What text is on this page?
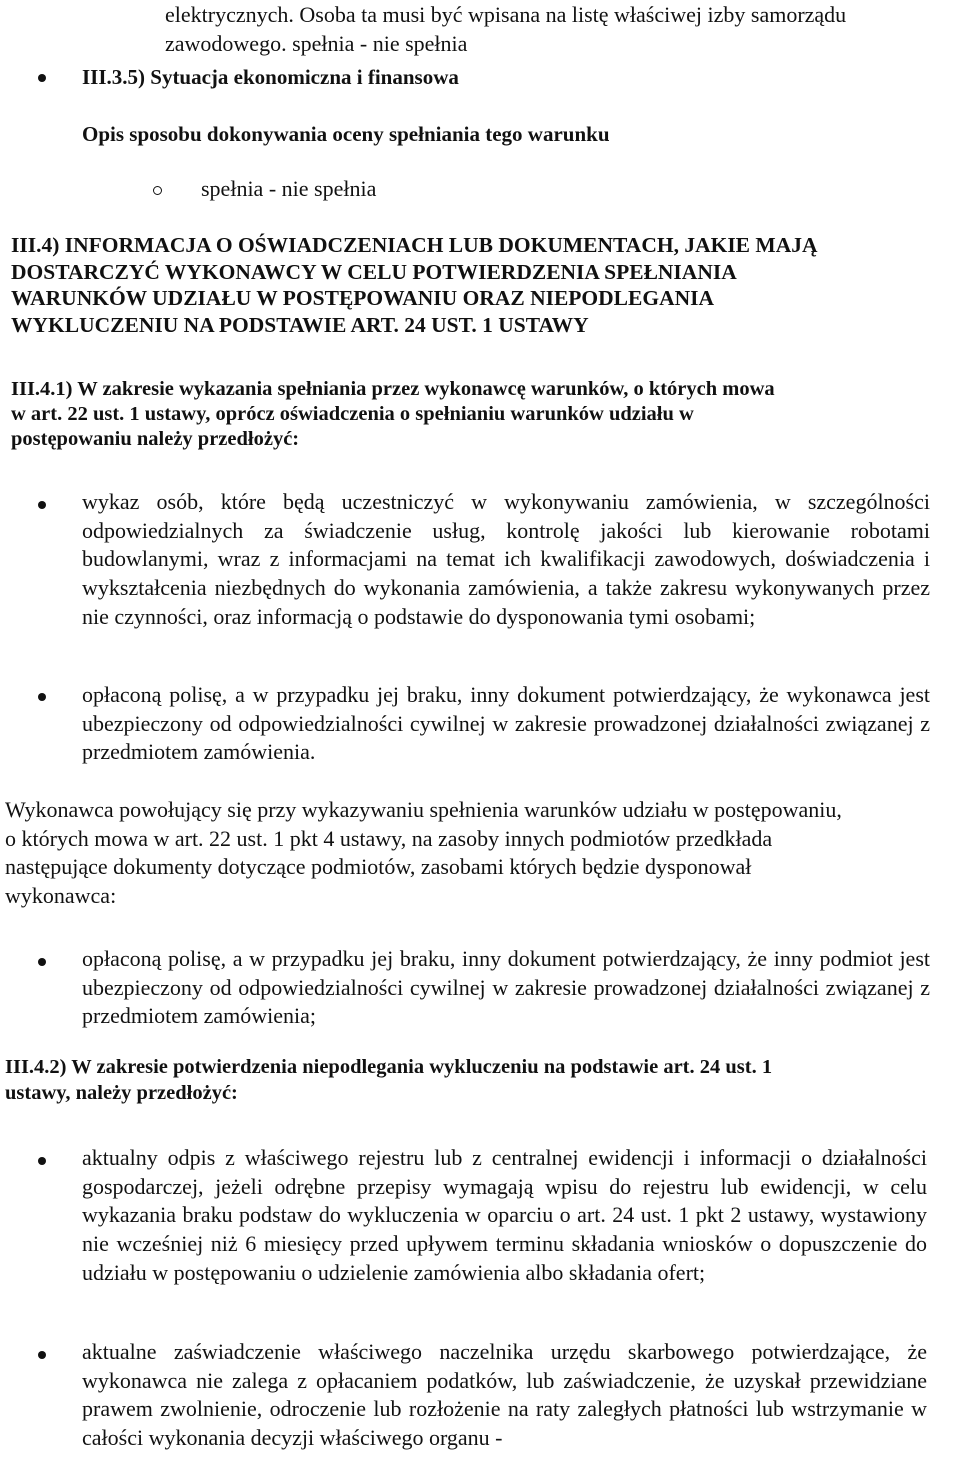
elektrycznych. Osoba ta musi być wpisana na listę właściwej izby samorządu
zawodowego. spełnia - nie spełnia
III.3.5) Sytuacja ekonomiczna i finansowa
Opis sposobu dokonywania oceny spełniania tego warunku
spełnia - nie spełnia
III.4) INFORMACJA O OŚWIADCZENIACH LUB DOKUMENTACH, JAKIE MAJĄ
DOSTARCZYĆ WYKONAWCY W CELU POTWIERDZENIA SPEŁNIANIA
WARUNKÓW UDZIAŁU W POSTĘPOWANIU ORAZ NIEPODLEGANIA
WYKLUCZENIU NA PODSTAWIE ART. 24 UST. 1 USTAWY
III.4.1) W zakresie wykazania spełniania przez wykonawcę warunków, o których mowa
w art. 22 ust. 1 ustawy, oprócz oświadczenia o spełnianiu warunków udziału w
postępowaniu należy przedłożyć:

wykaz osób, które będą uczestniczyć w wykonywaniu zamówienia, w szczególności odpowiedzialnych za świadczenie usług, kontrolę jakości lub kierowanie robotami budowlanymi, wraz z informacjami na temat ich kwalifikacji zawodowych, doświadczenia i wykształcenia niezbędnych do wykonania zamówienia, a także zakresu wykonywanych przez nie czynności, oraz informacją o podstawie do dysponowania tymi osobami;

opłaconą polisę, a w przypadku jej braku, inny dokument potwierdzający, że wykonawca jest ubezpieczony od odpowiedzialności cywilnej w zakresie prowadzonej działalności związanej z przedmiotem zamówienia.

Wykonawca powołujący się przy wykazywaniu spełnienia warunków udziału w postępowaniu, o których mowa w art. 22 ust. 1 pkt 4 ustawy, na zasoby innych podmiotów przedkłada następujące dokumenty dotyczące podmiotów, zasobami których będzie dysponował wykonawca:

opłaconą polisę, a w przypadku jej braku, inny dokument potwierdzający, że inny podmiot jest ubezpieczony od odpowiedzialności cywilnej w zakresie prowadzonej działalności związanej z przedmiotem zamówienia;

III.4.2) W zakresie potwierdzenia niepodlegania wykluczeniu na podstawie art. 24 ust. 1
ustawy, należy przedłożyć:

aktualny odpis z właściwego rejestru lub z centralnej ewidencji i informacji o działalności gospodarczej, jeżeli odrębne przepisy wymagają wpisu do rejestru lub ewidencji, w celu wykazania braku podstaw do wykluczenia w oparciu o art. 24 ust. 1 pkt 2 ustawy, wystawiony nie wcześniej niż 6 miesięcy przed upływem terminu składania wniosków o dopuszczenie do udziału w postępowaniu o udzielenie zamówienia albo składania ofert;

aktualne zaświadczenie właściwego naczelnika urzędu skarbowego potwierdzające, że wykonawca nie zalega z opłacaniem podatków, lub zaświadczenie, że uzyskał przewidziane prawem zwolnienie, odroczenie lub rozłożenie na raty zaległych płatności lub wstrzymanie w całości wykonania decyzji właściwego organu -
